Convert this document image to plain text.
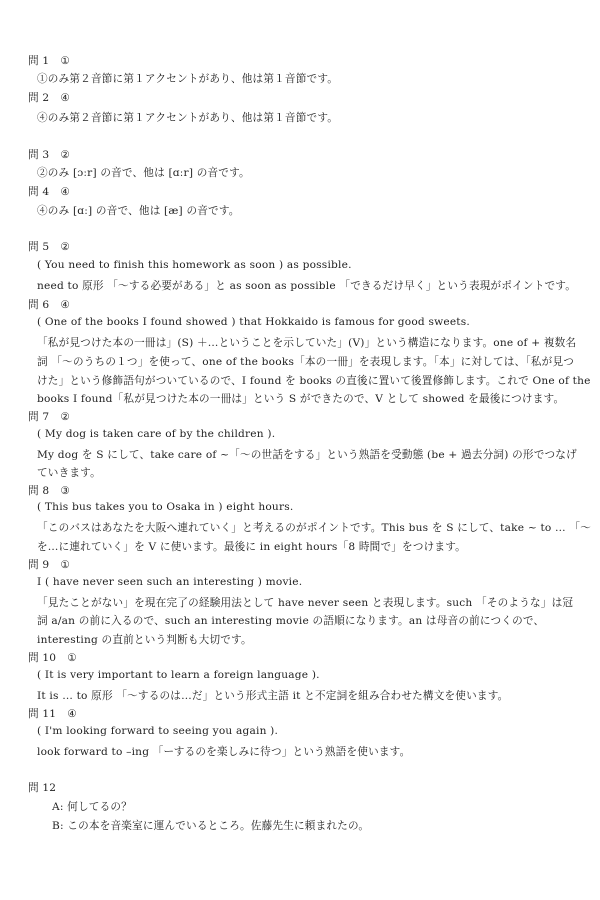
問 1 ①
①のみ第２音節に第１アクセントがあり、他は第１音節です。
問 2 ④
④のみ第２音節に第１アクセントがあり、他は第１音節です。
問 3 ②
②のみ [ɔːr] の音で、他は [ɑːr] の音です。
問 4 ④
④のみ [ɑː] の音で、他は [æ] の音です。
問 5 ②
( You need to finish this homework as soon ) as possible.
need to 原形 「～する必要がある」と as soon as possible 「できるだけ早く」という表現がポイントです。
問 6 ④
( One of the books I found showed ) that Hokkaido is famous for good sweets.
「私が見つけた本の一冊は」(S) ＋…ということを示していた」(V)」という構造になります。one of + 複数名
詞 「～のうちの１つ」を使って、one of the books「本の一冊」を表現します。「本」に対しては、「私が見つ
けた」という修飾語句がついているので、I found を books の直後に置いて後置修飾します。これで One of the
books I found「私が見つけた本の一冊は」という S ができたので、V として showed を最後につけます。
問 7 ②
( My dog is taken care of by the children ).
My dog を S にして、take care of ~「～の世話をする」という熟語を受動態 (be + 過去分詞) の形でつなげ
ていきます。
問 8 ③
( This bus takes you to Osaka in ) eight hours.
「このバスはあなたを大阪へ連れていく」と考えるのがポイントです。This bus を S にして、take ~ to … 「～
を…に連れていく」を V に使います。最後に in eight hours「8 時間で」をつけます。
問 9 ①
I ( have never seen such an interesting ) movie.
「見たことがない」を現在完了の経験用法として have never seen と表現します。such 「そのような」は冠
詞 a/an の前に入るので、such an interesting movie の語順になります。an は母音の前につくので、
interesting の直前という判断も大切です。
問 10 ①
( It is very important to learn a foreign language ).
It is … to 原形 「～するのは…だ」という形式主語 it と不定詞を組み合わせた構文を使います。
問 11 ④
( I'm looking forward to seeing you again ).
look forward to –ing 「ーするのを楽しみに待つ」という熟語を使います。
問 12
A: 何してるの？
B: この本を音楽室に運んでいるところ。佐藤先生に頼まれたの。
